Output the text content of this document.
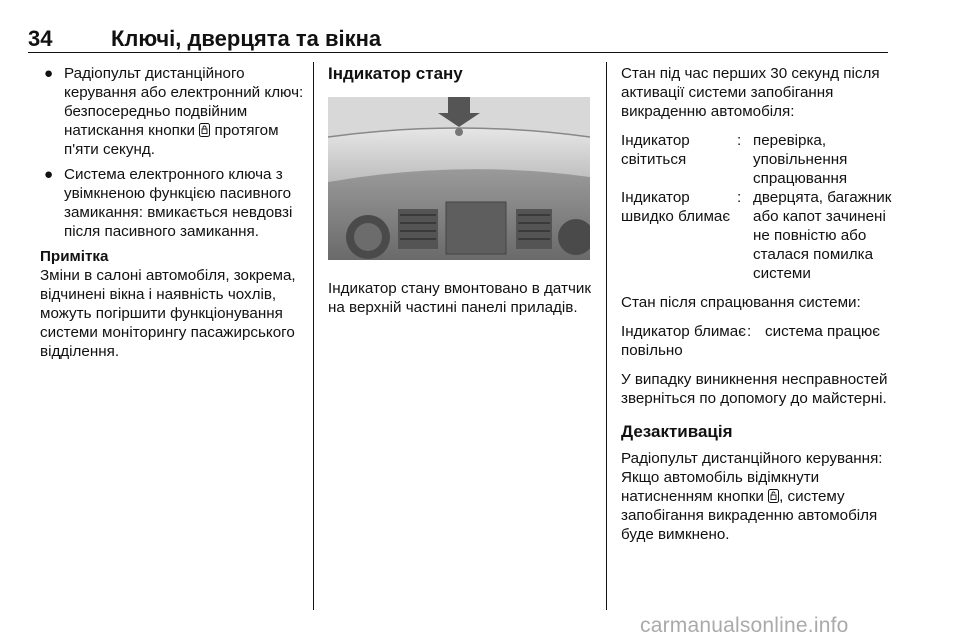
34	Ключі, дверцята та вікна
● Радіопульт дистанційного керування або електронний ключ: безпосередньо подвійним натискання кнопки протягом п'яти секунд.
● Система електронного ключа з увімкненою функцією пасивного замикання: вмикається невдовзі після пасивного замикання.
Примітка
Зміни в салоні автомобіля, зокрема, відчинені вікна і наявність чохлів, можуть погіршити функціонування системи моніторингу пасажирського відділення.
Індикатор стану
Індикатор стану вмонтовано в датчик на верхній частині панелі приладів.
Стан під час перших 30 секунд після активації системи запобігання викраденню автомобіля:
Індикатор світиться
: перевірка, уповільнення спрацювання
Індикатор швидко блимає
: дверцята, багажник або капот зачинені не повністю або сталася помилка системи
Стан після спрацювання системи:
Індикатор блимає повільно
: система працює
У випадку виникнення несправностей зверніться по допомогу до майстерні.
Дезактивація
Радіопульт дистанційного керування: Якщо автомобіль відімкнути натисненням кнопки , систему запобігання викраденню автомобіля буде вимкнено.
carmanualsonline.info
